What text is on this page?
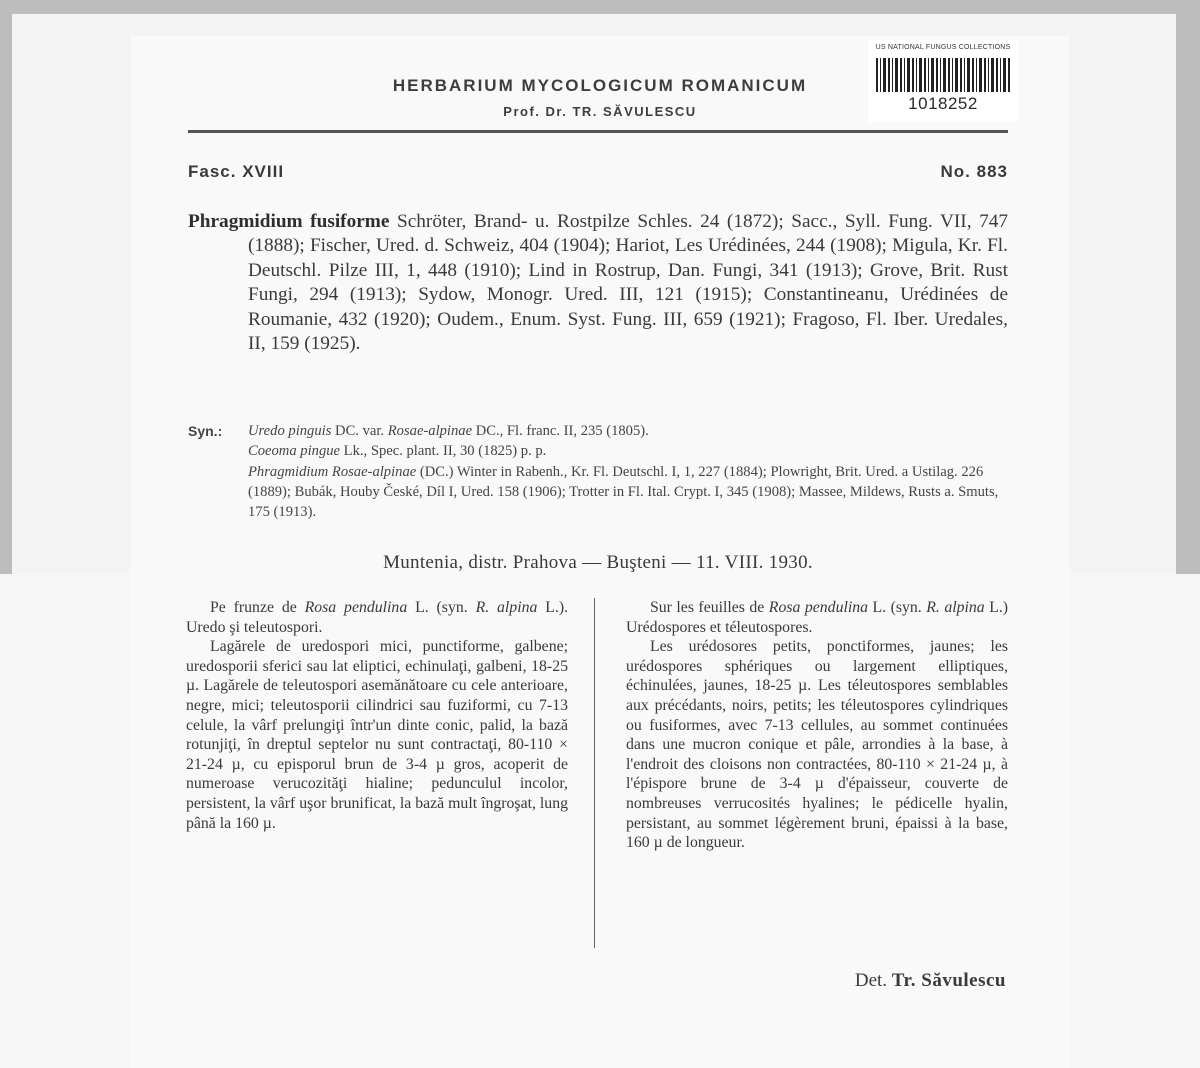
HERBARIUM MYCOLOGICUM ROMANICUM
Prof. Dr. TR. SĂVULESCU
US NATIONAL FUNGUS COLLECTIONS
1018252
Fasc. XVIII	No. 883
Phragmidium fusiforme Schröter, Brand- u. Rostpilze Schles. 24 (1872); Sacc., Syll. Fung. VII, 747 (1888); Fischer, Ured. d. Schweiz, 404 (1904); Hariot, Les Urédinées, 244 (1908); Migula, Kr. Fl. Deutschl. Pilze III, 1, 448 (1910); Lind in Rostrup, Dan. Fungi, 341 (1913); Grove, Brit. Rust Fungi, 294 (1913); Sydow, Monogr. Ured. III, 121 (1915); Constantineanu, Urédinées de Roumanie, 432 (1920); Oudem., Enum. Syst. Fung. III, 659 (1921); Fragoso, Fl. Iber. Uredales, II, 159 (1925).
Syn.: Uredo pinguis DC. var. Rosae-alpinae DC., Fl. franc. II, 235 (1805).

Coeoma pingue Lk., Spec. plant. II, 30 (1825) p. p.

Phragmidium Rosae-alpinae (DC.) Winter in Rabenh., Kr. Fl. Deutschl. I, 1, 227 (1884); Plowright, Brit. Ured. a Ustilag. 226 (1889); Bubák, Houby České, Díl I, Ured. 158 (1906); Trotter in Fl. Ital. Crypt. I, 345 (1908); Massee, Mildews, Rusts a. Smuts, 175 (1913).

Muntenia, distr. Prahova — Buşteni — 11. VIII. 1930.

Pe frunze de Rosa pendulina L. (syn. R. alpina L.). Uredo şi teleutospori.

Lagărele de uredospori mici, punctiforme, galbene; uredosporii sferici sau lat eliptici, echinulaţi, galbeni, 18-25 µ. Lagărele de teleutospori asemănătoare cu cele anterioare, negre, mici; teleutosporii cilindrici sau fuziformi, cu 7-13 celule, la vârf prelungiţi într'un dinte conic, palid, la bază rotunjiţi, în dreptul septelor nu sunt contractaţi, 80-110 × 21-24 µ, cu episporul brun de 3-4 µ gros, acoperit de numeroase verucozităţi hialine; pedunculul incolor, persistent, la vârf uşor brunificat, la bază mult îngroşat, lung până la 160 µ.

Sur les feuilles de Rosa pendulina L. (syn. R. alpina L.) Urédospores et téleutospores.

Les urédosores petits, ponctiformes, jaunes; les urédospores sphériques ou largement elliptiques, échinulées, jaunes, 18-25 µ. Les téleutospores semblables aux précédants, noirs, petits; les téleutospores cylindriques ou fusiformes, avec 7-13 cellules, au sommet continuées dans une mucron conique et pâle, arrondies à la base, à l'endroit des cloisons non contractées, 80-110 × 21-24 µ, à l'épispore brune de 3-4 µ d'épaisseur, couverte de nombreuses verrucosités hyalines; le pédicelle hyalin, persistant, au sommet légèrement bruni, épaissi à la base, 160 µ de longueur.

Det. Tr. Săvulescu
